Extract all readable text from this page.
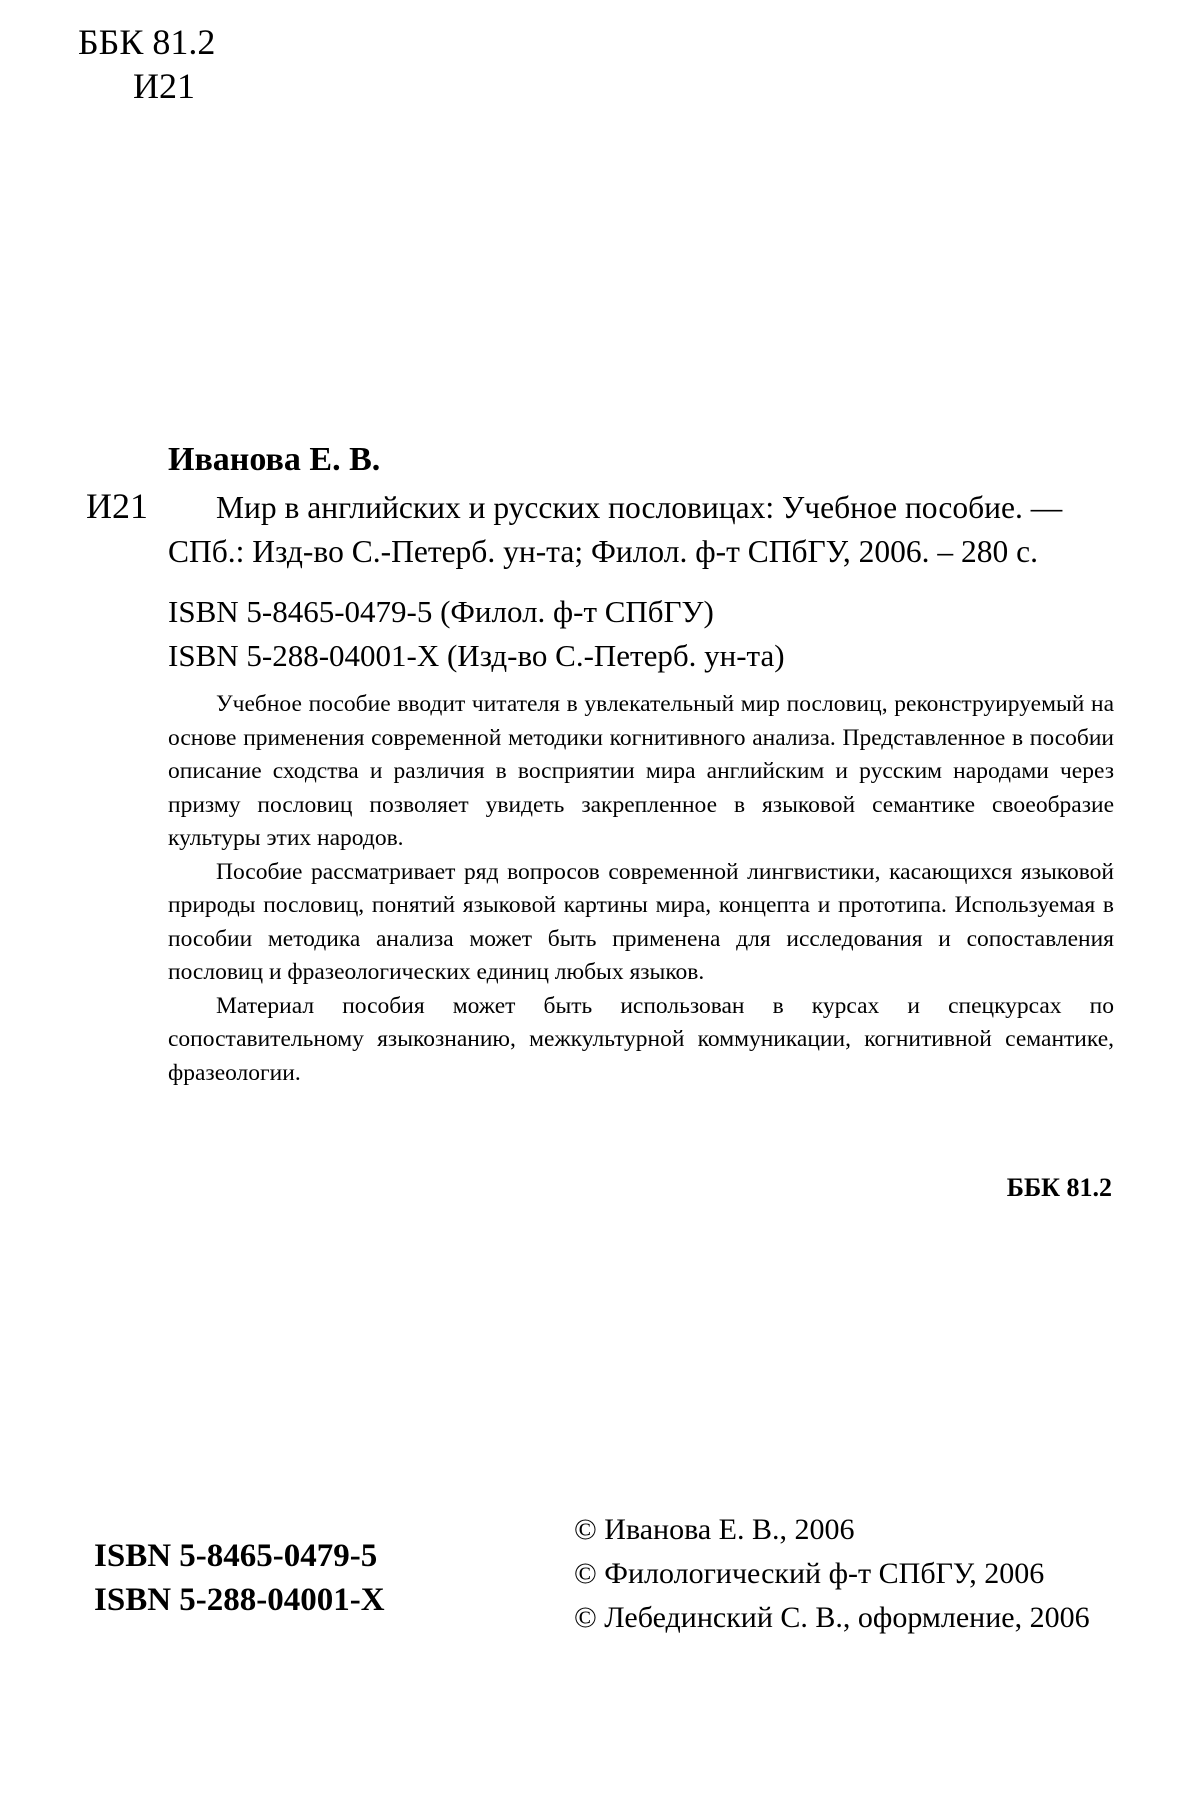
ББК 81.2
И21
Иванова Е. В.
И21	Мир в английских и русских пословицах: Учебное пособие. —
СПб.: Изд-во С.-Петерб. ун-та; Филол. ф-т СПбГУ, 2006. – 280 с.
ISBN 5-8465-0479-5 (Филол. ф-т СПбГУ)
ISBN 5-288-04001-X (Изд-во С.-Петерб. ун-та)

Учебное пособие вводит читателя в увлекательный мир пословиц, реконструируемый на основе применения современной методики когнитивного анализа. Представленное в пособии описание сходства и различия в восприятии мира английским и русским народами через призму пословиц позволяет увидеть закрепленное в языковой семантике своеобразие культуры этих народов.

Пособие рассматривает ряд вопросов современной лингвистики, касающихся языковой природы пословиц, понятий языковой картины мира, концепта и прототипа. Используемая в пособии методика анализа может быть применена для исследования и сопоставления пословиц и фразеологических единиц любых языков.

Материал пособия может быть использован в курсах и спецкурсах по сопоставительному языкознанию, межкультурной коммуникации, когнитивной семантике, фразеологии.

ББК 81.2
ISBN 5-8465-0479-5
ISBN 5-288-04001-X
© Иванова Е. В., 2006
© Филологический ф-т СПбГУ, 2006
© Лебединский С. В., оформление, 2006
